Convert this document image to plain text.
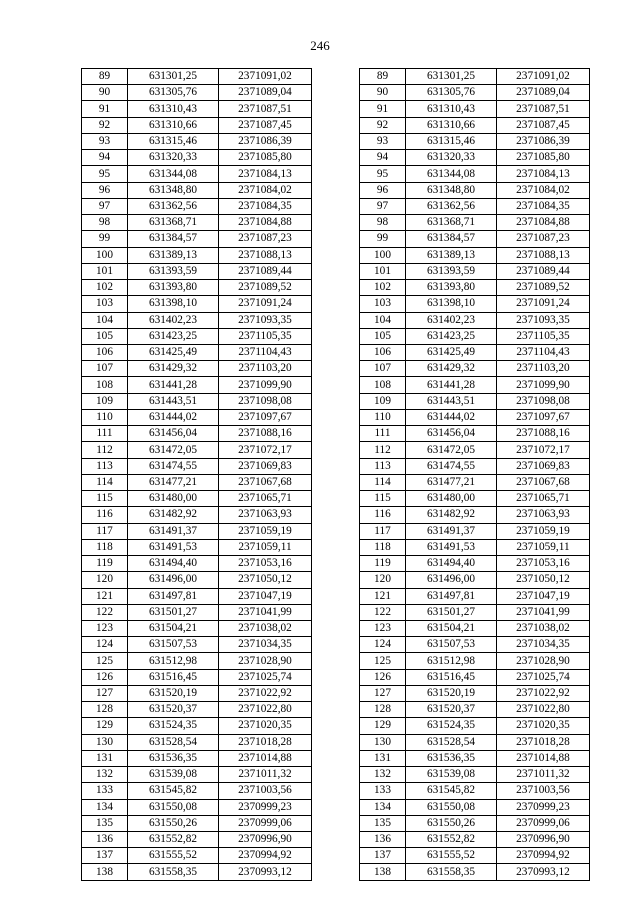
246
89	631301,25	2371091,02
90	631305,76	2371089,04
91	631310,43	2371087,51
92	631310,66	2371087,45
93	631315,46	2371086,39
94	631320,33	2371085,80
95	631344,08	2371084,13
96	631348,80	2371084,02
97	631362,56	2371084,35
98	631368,71	2371084,88
99	631384,57	2371087,23
100	631389,13	2371088,13
101	631393,59	2371089,44
102	631393,80	2371089,52
103	631398,10	2371091,24
104	631402,23	2371093,35
105	631423,25	2371105,35
106	631425,49	2371104,43
107	631429,32	2371103,20
108	631441,28	2371099,90
109	631443,51	2371098,08
110	631444,02	2371097,67
111	631456,04	2371088,16
112	631472,05	2371072,17
113	631474,55	2371069,83
114	631477,21	2371067,68
115	631480,00	2371065,71
116	631482,92	2371063,93
117	631491,37	2371059,19
118	631491,53	2371059,11
119	631494,40	2371053,16
120	631496,00	2371050,12
121	631497,81	2371047,19
122	631501,27	2371041,99
123	631504,21	2371038,02
124	631507,53	2371034,35
125	631512,98	2371028,90
126	631516,45	2371025,74
127	631520,19	2371022,92
128	631520,37	2371022,80
129	631524,35	2371020,35
130	631528,54	2371018,28
131	631536,35	2371014,88
132	631539,08	2371011,32
133	631545,82	2371003,56
134	631550,08	2370999,23
135	631550,26	2370999,06
136	631552,82	2370996,90
137	631555,52	2370994,92
138	631558,35	2370993,12
89	631301,25	2371091,02
90	631305,76	2371089,04
91	631310,43	2371087,51
92	631310,66	2371087,45
93	631315,46	2371086,39
94	631320,33	2371085,80
95	631344,08	2371084,13
96	631348,80	2371084,02
97	631362,56	2371084,35
98	631368,71	2371084,88
99	631384,57	2371087,23
100	631389,13	2371088,13
101	631393,59	2371089,44
102	631393,80	2371089,52
103	631398,10	2371091,24
104	631402,23	2371093,35
105	631423,25	2371105,35
106	631425,49	2371104,43
107	631429,32	2371103,20
108	631441,28	2371099,90
109	631443,51	2371098,08
110	631444,02	2371097,67
111	631456,04	2371088,16
112	631472,05	2371072,17
113	631474,55	2371069,83
114	631477,21	2371067,68
115	631480,00	2371065,71
116	631482,92	2371063,93
117	631491,37	2371059,19
118	631491,53	2371059,11
119	631494,40	2371053,16
120	631496,00	2371050,12
121	631497,81	2371047,19
122	631501,27	2371041,99
123	631504,21	2371038,02
124	631507,53	2371034,35
125	631512,98	2371028,90
126	631516,45	2371025,74
127	631520,19	2371022,92
128	631520,37	2371022,80
129	631524,35	2371020,35
130	631528,54	2371018,28
131	631536,35	2371014,88
132	631539,08	2371011,32
133	631545,82	2371003,56
134	631550,08	2370999,23
135	631550,26	2370999,06
136	631552,82	2370996,90
137	631555,52	2370994,92
138	631558,35	2370993,12
